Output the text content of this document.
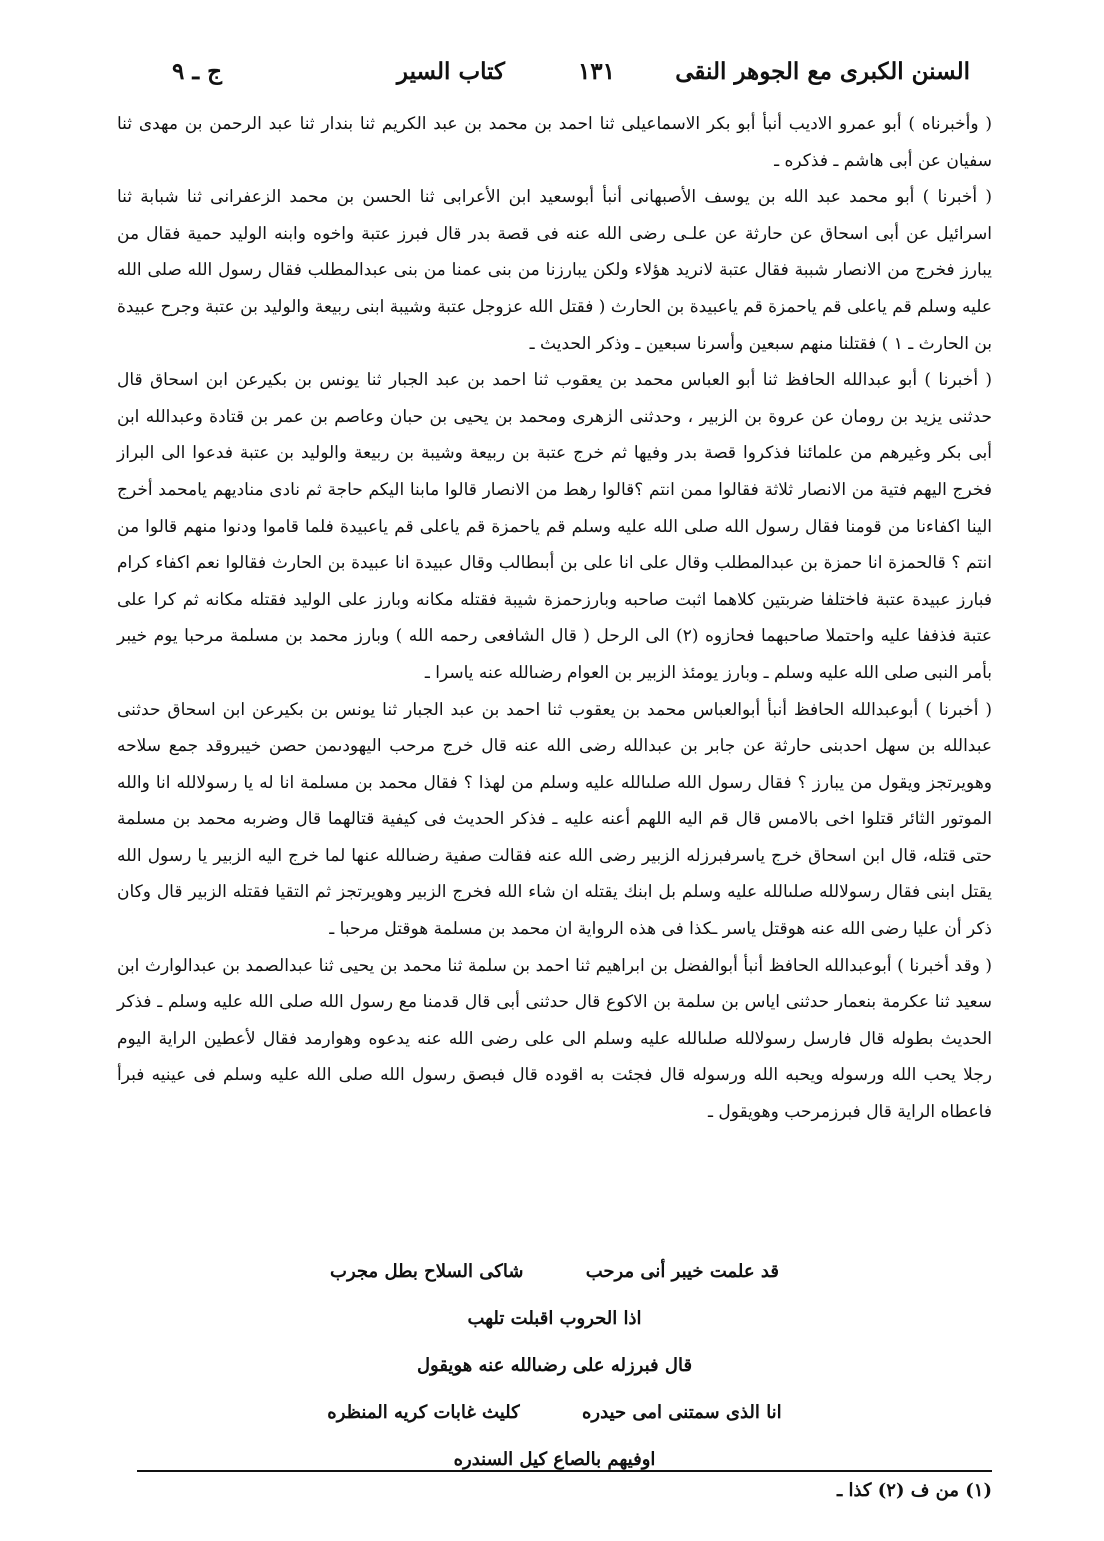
السنن الكبرى مع الجوهر النقى
١٣١
كتاب السير
ج ـ ٩

( وأخبرناه ) أبو عمرو الاديب أنبأ أبو بكر الاسماعيلى ثنا احمد بن محمد بن عبد الكريم ثنا بندار ثنا عبد الرحمن بن مهدى ثنا سفيان عن أبى هاشم ـ فذكره ـ

( أخبرنا ) أبو محمد عبد الله بن يوسف الأصبهانى أنبأ أبوسعيد ابن الأعرابى ثنا الحسن بن محمد الزعفرانى ثنا شبابة ثنا اسرائيل عن أبى اسحاق عن حارثة عن علـى رضى الله عنه فى قصة بدر قال فبرز عتبة واخوه وابنه الوليد حمية فقال من يبارز فخرج من الانصار شببة فقال عتبة لانريد هؤلاء ولكن يبارزنا من بنى عمنا من بنى عبدالمطلب فقال رسول الله صلى الله عليه وسلم قم ياعلى قم ياحمزة قم ياعبيدة بن الحارث ( فقتل الله عزوجل عتبة وشيبة ابنى ربيعة والوليد بن عتبة وجرح عبيدة بن الحارث ـ ١ ) فقتلنا منهم سبعين وأسرنا سبعين ـ وذكر الحديث ـ

( أخبرنا ) أبو عبدالله الحافظ ثنا أبو العباس محمد بن يعقوب ثنا احمد بن عبد الجبار ثنا يونس بن بكيرعن ابن اسحاق قال حدثنى يزيد بن رومان عن عروة بن الزبير ، وحدثنى الزهرى ومحمد بن يحيى بن حبان وعاصم بن عمر بن قتادة وعبدالله ابن أبى بكر وغيرهم من علمائنا فذكروا قصة بدر وفيها ثم خرج عتبة بن ربيعة وشيبة بن ربيعة والوليد بن عتبة فدعوا الى البراز فخرج اليهم فتية من الانصار ثلاثة فقالوا ممن انتم ؟قالوا رهط من الانصار قالوا مابنا اليكم حاجة ثم نادى مناديهم يامحمد أخرج الينا اكفاءنا من قومنا فقال رسول الله صلى الله عليه وسلم قم ياحمزة قم ياعلى قم ياعبيدة فلما قاموا ودنوا منهم قالوا من انتم ؟ قالحمزة انا حمزة بن عبدالمطلب وقال على انا على بن أبىطالب وقال عبيدة انا عبيدة بن الحارث فقالوا نعم اكفاء كرام فبارز عبيدة عتبة فاختلفا ضربتين كلاهما اثبت صاحبه وبارزحمزة شيبة فقتله مكانه وبارز على الوليد فقتله مكانه ثم كرا على عتبة فذففا عليه واحتملا صاحبهما فحازوه (٢) الى الرحل ( قال الشافعى رحمه الله ) وبارز محمد بن مسلمة مرحبا يوم خيبر بأمر النبى صلى الله عليه وسلم ـ وبارز يومئذ الزبير بن العوام رضىالله عنه ياسرا ـ

( أخبرنا ) أبوعبدالله الحافظ أنبأ أبوالعباس محمد بن يعقوب ثنا احمد بن عبد الجبار ثنا يونس بن بكيرعن ابن اسحاق حدثنى عبدالله بن سهل احدبنى حارثة عن جابر بن عبدالله رضى الله عنه قال خرج مرحب اليهودىمن حصن خيبروقد جمع سلاحه وهويرتجز ويقول من يبارز ؟ فقال رسول الله صلىالله عليه وسلم من لهذا ؟ فقال محمد بن مسلمة انا له يا رسولالله انا والله الموتور الثائر قتلوا اخى بالامس قال قم اليه اللهم أعنه عليه ـ فذكر الحديث فى كيفية قتالهما قال وضربه محمد بن مسلمة حتى قتله، قال ابن اسحاق خرج ياسرفبرزله الزبير رضى الله عنه فقالت صفية رضىالله عنها لما خرج اليه الزبير يا رسول الله يقتل ابنى فقال رسولالله صلىالله عليه وسلم بل ابنك يقتله ان شاء الله فخرج الزبير وهويرتجز ثم التقيا فقتله الزبير قال وكان ذكر أن عليا رضى الله عنه هوقتل ياسر ـكذا فى هذه الرواية ان محمد بن مسلمة هوقتل مرحبا ـ

( وقد أخبرنا ) أبوعبدالله الحافظ أنبأ أبوالفضل بن ابراهيم ثنا احمد بن سلمة ثنا محمد بن يحيى ثنا عبدالصمد بن عبدالوارث ابن سعيد ثنا عكرمة بنعمار حدثنى اياس بن سلمة بن الاكوع قال حدثنى أبى قال قدمنا مع رسول الله صلى الله عليه وسلم ـ فذكر الحديث بطوله قال فارسل رسولالله صلىالله عليه وسلم الى على رضى الله عنه يدعوه وهوارمد فقال لأعطين الراية اليوم رجلا يحب الله ورسوله ويحبه الله ورسوله قال فجئت به اقوده قال فبصق رسول الله صلى الله عليه وسلم فى عينيه فبرأ فاعطاه الراية قال فبرزمرحب وهويقول ـ

قد علمت خيبر أنى مرحب شاكى السلاح بطل مجرب
اذا الحروب اقبلت تلهب
قال فبرزله على رضىالله عنه هويقول
انا الذى سمتنى امى حيدره كليث غابات كريه المنظره
اوفيهم بالصاع كيل السندره
(١) من ف (٢) كذا ـ
